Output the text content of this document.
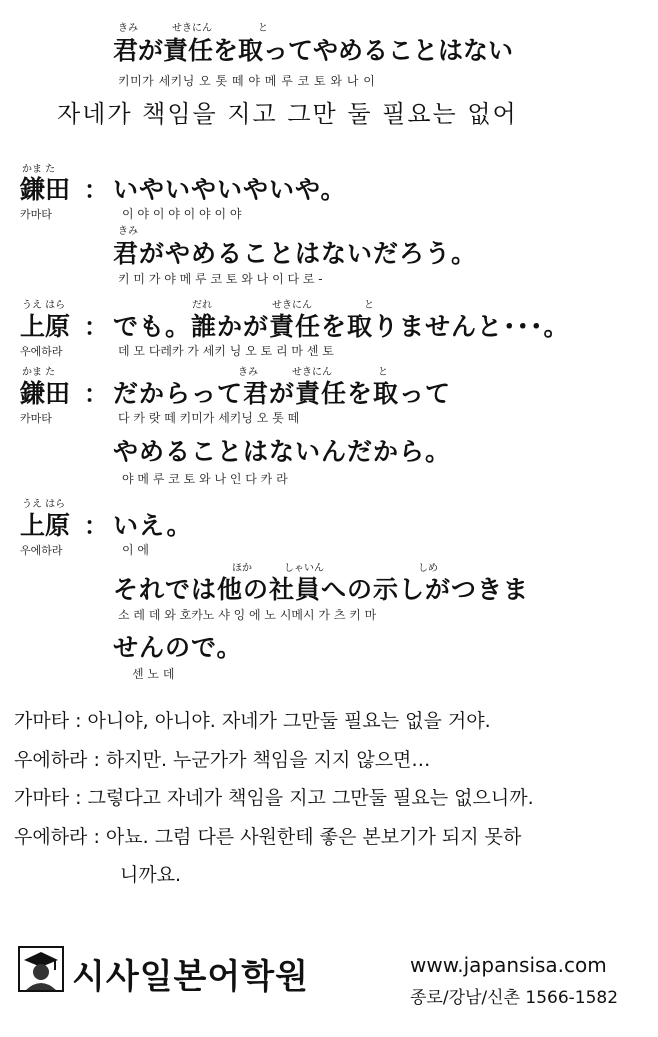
きみ	せきにん	と
君が責任を取ってやめることはない
키미가 세키닝 오 톳 떼 야 메 루 코 토 와 나 이
자네가 책임을 지고 그만 둘 필요는 없어
かま た
鎌田 ： いやいやいやいや。
카마타	이 야 이 야 이 야 이 야
きみ
君がやめることはないだろう。
키 미 가 야 메 루 코 토 와 나 이 다 로 -
うえ はら
上原 ：
だれ	せきにん	と
でも。誰かが責任を取りませんと･･･。
우에하라	데 모 다레카 가 세키 닝 오 토 리 마 센 토
かま た
鎌田 ：
きみ	せきにん	と
だからって君が責任を取って
카마타	다 카 랏 떼 키미가 세키닝 오 톳 떼
やめることはないんだから。
야 메 루 코 토 와 나 인 다 카 라
うえ はら
上原 ： いえ。
우에하라	이 에
ほか	しゃいん	しめ
それでは他の社員への示しがつきま
소 레 데 와 호카노 샤 잉 에 노 시메시 가 츠 키 마
せんので。
센 노 데
가마타 : 아니야, 아니야. 자네가 그만둘 필요는 없을 거야.
우에하라 : 하지만. 누군가가 책임을 지지 않으면…
가마타 : 그렇다고 자네가 책임을 지고 그만둘 필요는 없으니까.
우에하라 : 아뇨. 그럼 다른 사원한테 좋은 본보기가 되지 못하
니까요.
시사일본어학원	www.japansisa.com
종로/강남/신촌 1566-1582
